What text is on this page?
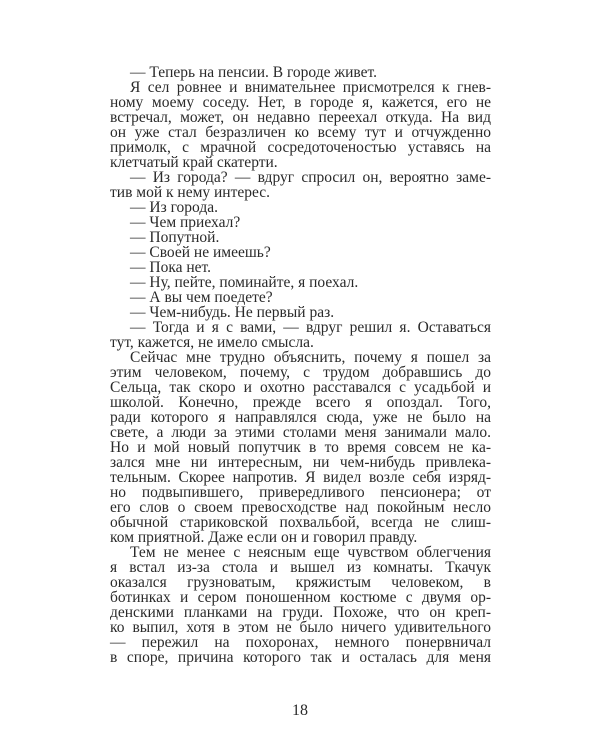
— Теперь на пенсии. В городе живет.
Я сел ровнее и внимательнее присмотрелся к гнев-
ному моему соседу. Нет, в городе я, кажется, его не
встречал, может, он недавно переехал откуда. На вид
он уже стал безразличен ко всему тут и отчужденно
примолк, с мрачной сосредоточеностью уставясь на
клетчатый край скатерти.
— Из города? — вдруг спросил он, вероятно заме-
тив мой к нему интерес.
— Из города.
— Чем приехал?
— Попутной.
— Своей не имеешь?
— Пока нет.
— Ну, пейте, поминайте, я поехал.
— А вы чем поедете?
— Чем-нибудь. Не первый раз.
— Тогда и я с вами, — вдруг решил я. Оставаться
тут, кажется, не имело смысла.
Сейчас мне трудно объяснить, почему я пошел за
этим человеком, почему, с трудом добравшись до
Сельца, так скоро и охотно расставался с усадьбой и
школой. Конечно, прежде всего я опоздал. Того,
ради которого я направлялся сюда, уже не было на
свете, а люди за этими столами меня занимали мало.
Но и мой новый попутчик в то время совсем не ка-
зался мне ни интересным, ни чем-нибудь привлека-
тельным. Скорее напротив. Я видел возле себя изряд-
но подвыпившего, привередливого пенсионера; от
его слов о своем превосходстве над покойным несло
обычной стариковской похвальбой, всегда не слиш-
ком приятной. Даже если он и говорил правду.
Тем не менее с неясным еще чувством облегчения
я встал из-за стола и вышел из комнаты. Ткачук
оказался грузноватым, кряжистым человеком, в
ботинках и сером поношенном костюме с двумя ор-
денскими планками на груди. Похоже, что он креп-
ко выпил, хотя в этом не было ничего удивительного
— пережил на похоронах, немного понервничал
в споре, причина которого так и осталась для меня
18
